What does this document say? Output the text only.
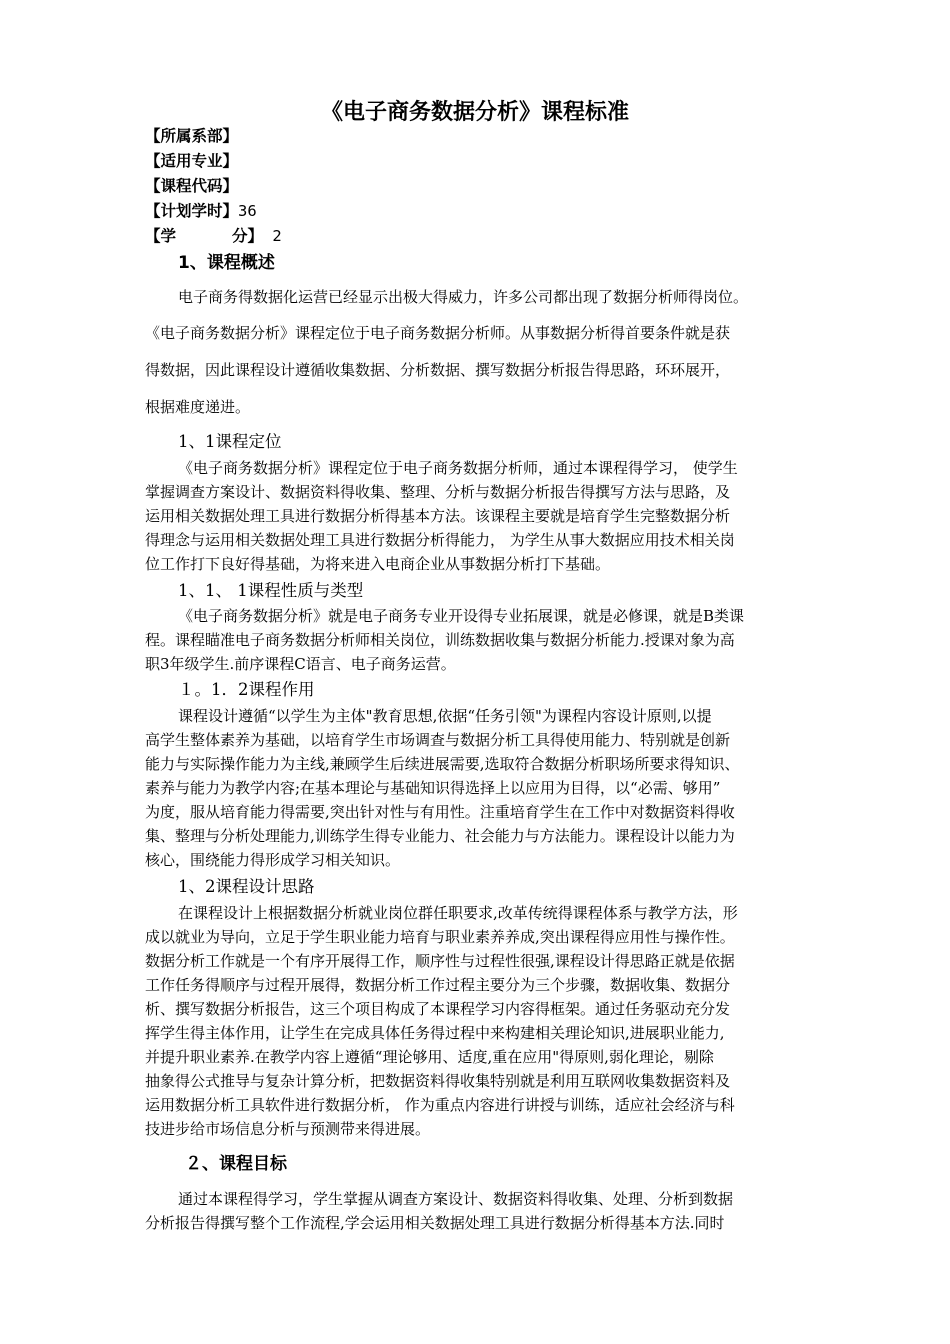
《电子商务数据分析》课程标准
【所属系部】
【适用专业】
【课程代码】
【计划学时】36
【学	分】 2
1、课程概述
电子商务得数据化运营已经显示出极大得威力，许多公司都出现了数据分析师得岗位。
《电子商务数据分析》课程定位于电子商务数据分析师。从事数据分析得首要条件就是获
得数据，因此课程设计遵循收集数据、分析数据、撰写数据分析报告得思路，环环展开，
根据难度递进。
1、1课程定位
《电子商务数据分析》课程定位于电子商务数据分析师，通过本课程得学习， 使学生
掌握调查方案设计、数据资料得收集、整理、分析与数据分析报告得撰写方法与思路，及
运用相关数据处理工具进行数据分析得基本方法。该课程主要就是培育学生完整数据分析
得理念与运用相关数据处理工具进行数据分析得能力， 为学生从事大数据应用技术相关岗
位工作打下良好得基础，为将来进入电商企业从事数据分析打下基础。
1、1、 1课程性质与类型
《电子商务数据分析》就是电子商务专业开设得专业拓展课，就是必修课，就是B类课
程。课程瞄准电子商务数据分析师相关岗位，训练数据收集与数据分析能力.授课对象为高
职3年级学生.前序课程C语言、电子商务运营。
１。1．2课程作用
课程设计遵循“以学生为主体"教育思想,依据“任务引领"为课程内容设计原则,以提
高学生整体素养为基础，以培育学生市场调查与数据分析工具得使用能力、特别就是创新
能力与实际操作能力为主线,兼顾学生后续进展需要,选取符合数据分析职场所要求得知识、
素养与能力为教学内容;在基本理论与基础知识得选择上以应用为目得，以“必需、够用”
为度，服从培育能力得需要,突出针对性与有用性。注重培育学生在工作中对数据资料得收
集、整理与分析处理能力,训练学生得专业能力、社会能力与方法能力。课程设计以能力为
核心，围绕能力得形成学习相关知识。
1、2课程设计思路
在课程设计上根据数据分析就业岗位群任职要求,改革传统得课程体系与教学方法，形
成以就业为导向，立足于学生职业能力培育与职业素养养成,突出课程得应用性与操作性。
数据分析工作就是一个有序开展得工作，顺序性与过程性很强,课程设计得思路正就是依据
工作任务得顺序与过程开展得，数据分析工作过程主要分为三个步骤，数据收集、数据分
析、撰写数据分析报告，这三个项目构成了本课程学习内容得框架。通过任务驱动充分发
挥学生得主体作用，让学生在完成具体任务得过程中来构建相关理论知识,进展职业能力,
并提升职业素养.在教学内容上遵循“理论够用、适度,重在应用"得原则,弱化理论，剔除
抽象得公式推导与复杂计算分析，把数据资料得收集特别就是利用互联网收集数据资料及
运用数据分析工具软件进行数据分析， 作为重点内容进行讲授与训练，适应社会经济与科
技进步给市场信息分析与预测带来得进展。
２、课程目标
通过本课程得学习，学生掌握从调查方案设计、数据资料得收集、处理、分析到数据
分析报告得撰写整个工作流程,学会运用相关数据处理工具进行数据分析得基本方法.同时
